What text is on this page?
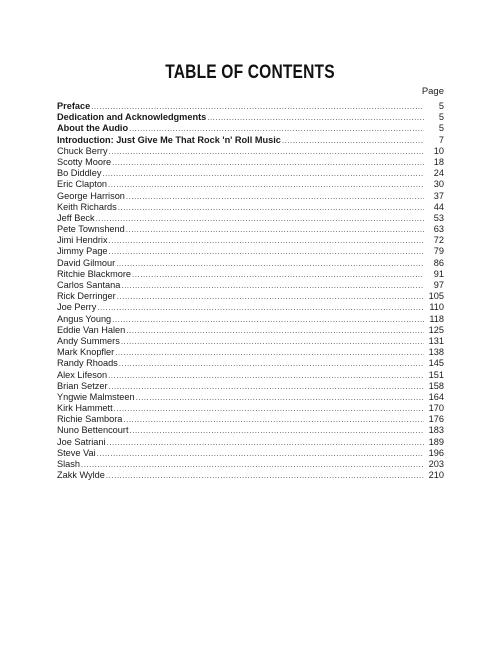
TABLE OF CONTENTS
Page
Preface .....	5
Dedication and Acknowledgments .....	5
About the Audio .....	5
Introduction: Just Give Me That Rock 'n' Roll Music .....	7
Chuck Berry .....	10
Scotty Moore .....	18
Bo Diddley .....	24
Eric Clapton .....	30
George Harrison .....	37
Keith Richards .....	44
Jeff Beck .....	53
Pete Townshend .....	63
Jimi Hendrix .....	72
Jimmy Page .....	79
David Gilmour .....	86
Ritchie Blackmore .....	91
Carlos Santana .....	97
Rick Derringer .....	105
Joe Perry .....	110
Angus Young .....	118
Eddie Van Halen .....	125
Andy Summers .....	131
Mark Knopfler .....	138
Randy Rhoads .....	145
Alex Lifeson .....	151
Brian Setzer .....	158
Yngwie Malmsteen .....	164
Kirk Hammett .....	170
Richie Sambora .....	176
Nuno Bettencourt .....	183
Joe Satriani .....	189
Steve Vai .....	196
Slash .....	203
Zakk Wylde .....	210
